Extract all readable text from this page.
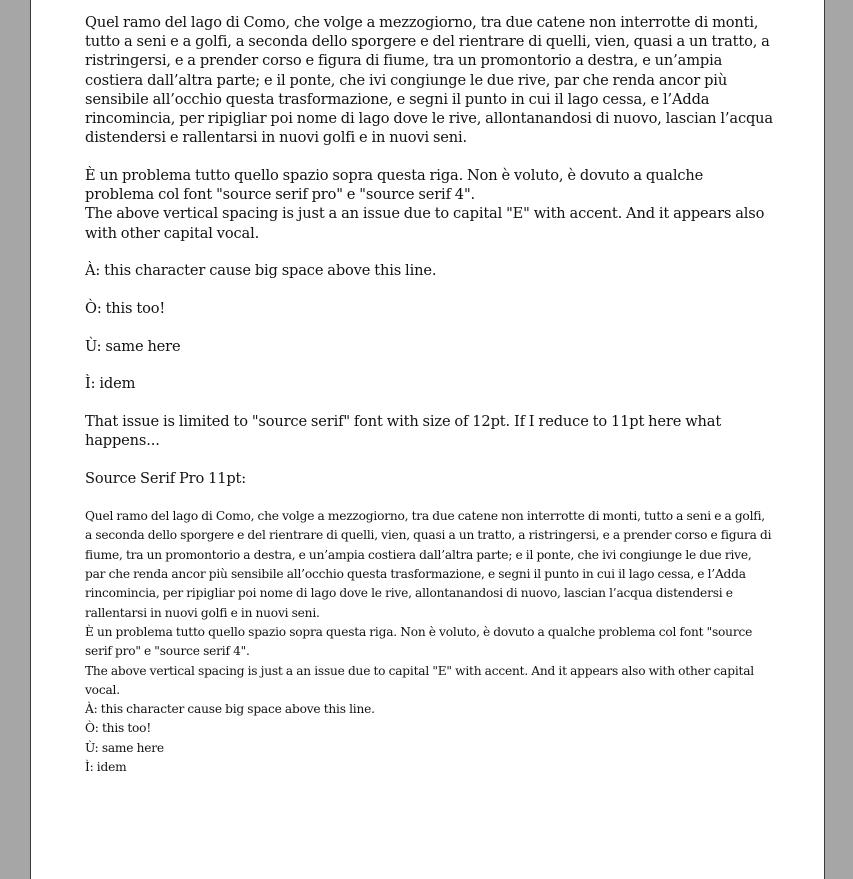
Quel ramo del lago di Como, che volge a mezzogiorno, tra due catene non interrotte di monti, tutto a seni e a golfi, a seconda dello sporgere e del rientrare di quelli, vien, quasi a un tratto, a ristringersi, e a prender corso e figura di fiume, tra un promontorio a destra, e un’ampia costiera dall’altra parte; e il ponte, che ivi congiunge le due rive, par che renda ancor più sensibile all’occhio questa trasformazione, e segni il punto in cui il lago cessa, e l’Adda rincomincia, per ripigliar poi nome di lago dove le rive, allontanandosi di nuovo, lascian l’acqua distendersi e rallentarsi in nuovi golfi e in nuovi seni.

È un problema tutto quello spazio sopra questa riga. Non è voluto, è dovuto a qualche problema col font "source serif pro" e "source serif 4".

The above vertical spacing is just a an issue due to capital "E" with accent. And it appears also with other capital vocal.

À: this character cause big space above this line.

Ò: this too!

Ù: same here

Ì: idem

That issue is limited to "source serif" font with size of 12pt. If I reduce to 11pt here what happens...

Source Serif Pro 11pt:

Quel ramo del lago di Como, che volge a mezzogiorno, tra due catene non interrotte di monti, tutto a seni e a golfi, a seconda dello sporgere e del rientrare di quelli, vien, quasi a un tratto, a ristringersi, e a prender corso e figura di fiume, tra un promontorio a destra, e un’ampia costiera dall’altra parte; e il ponte, che ivi congiunge le due rive, par che renda ancor più sensibile all’occhio questa trasformazione, e segni il punto in cui il lago cessa, e l’Adda rincomincia, per ripigliar poi nome di lago dove le rive, allontanandosi di nuovo, lascian l’acqua distendersi e rallentarsi in nuovi golfi e in nuovi seni.

È un problema tutto quello spazio sopra questa riga. Non è voluto, è dovuto a qualche problema col font "source serif pro" e "source serif 4".

The above vertical spacing is just a an issue due to capital "E" with accent. And it appears also with other capital vocal.

À: this character cause big space above this line.

Ò: this too!

Ù: same here

Ì: idem
